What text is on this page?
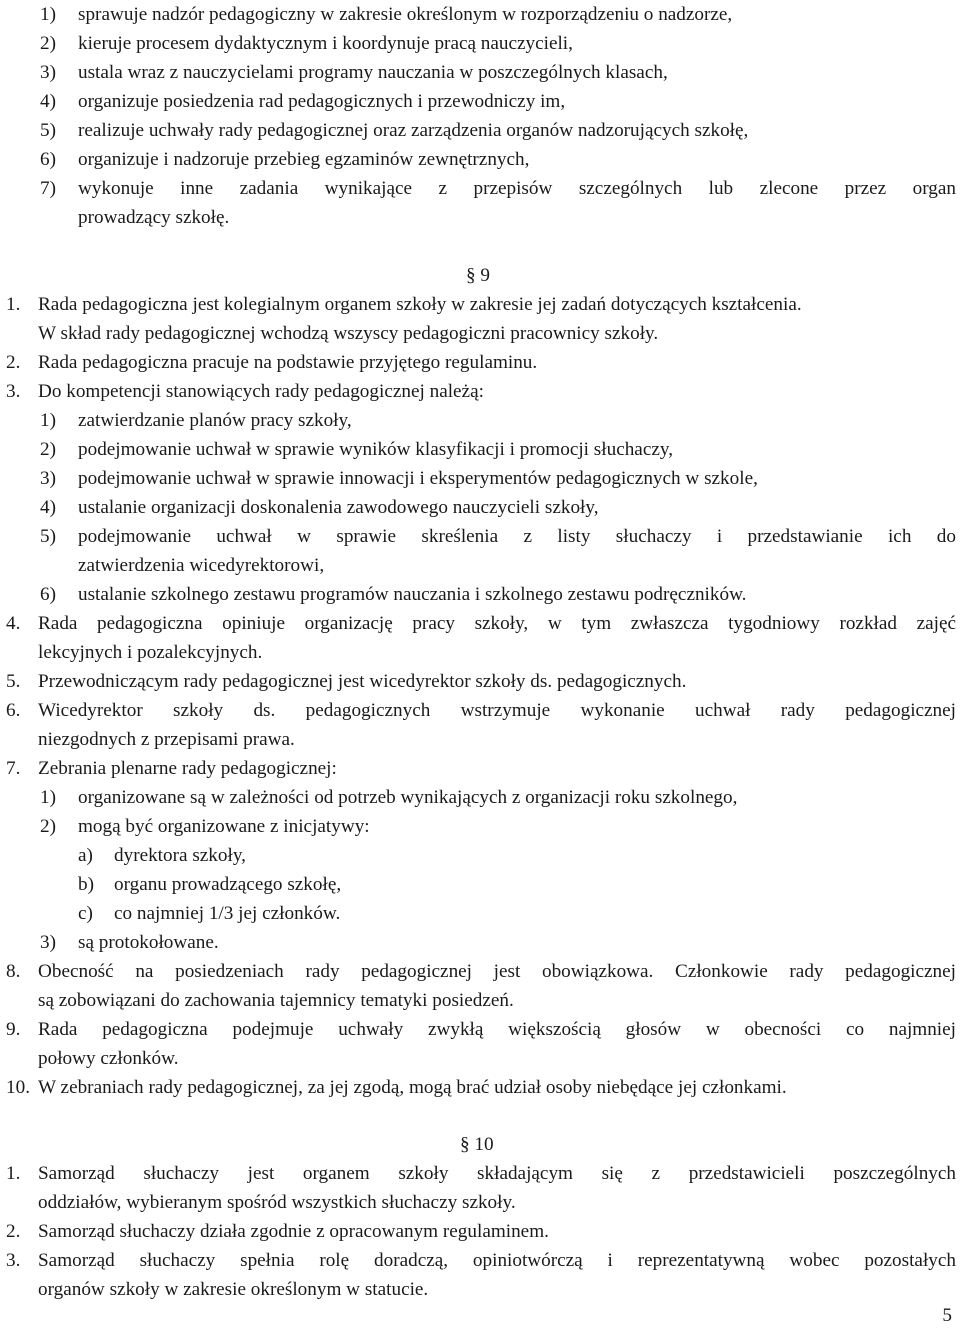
1) sprawuje nadzór pedagogiczny w zakresie określonym w rozporządzeniu o nadzorze,
2) kieruje procesem dydaktycznym i koordynuje pracą nauczycieli,
3) ustala wraz z nauczycielami programy nauczania w poszczególnych klasach,
4) organizuje posiedzenia rad pedagogicznych i przewodniczy im,
5) realizuje uchwały rady pedagogicznej oraz zarządzenia organów nadzorujących szkołę,
6) organizuje i nadzoruje przebieg egzaminów zewnętrznych,
7) wykonuje inne zadania wynikające z przepisów szczególnych lub zlecone przez organ
prowadzący szkołę.
§ 9
1. Rada pedagogiczna jest kolegialnym organem szkoły w zakresie jej zadań dotyczących kształcenia.
W skład rady pedagogicznej wchodzą wszyscy pedagogiczni pracownicy szkoły.
2. Rada pedagogiczna pracuje na podstawie przyjętego regulaminu.
3. Do kompetencji stanowiących rady pedagogicznej należą:
1) zatwierdzanie planów pracy szkoły,
2) podejmowanie uchwał w sprawie wyników klasyfikacji i promocji słuchaczy,
3) podejmowanie uchwał w sprawie innowacji i eksperymentów pedagogicznych w szkole,
4) ustalanie organizacji doskonalenia zawodowego nauczycieli szkoły,
5) podejmowanie uchwał w sprawie skreślenia z listy słuchaczy i przedstawianie ich do
zatwierdzenia wicedyrektorowi,
6) ustalanie szkolnego zestawu programów nauczania i szkolnego zestawu podręczników.
4. Rada pedagogiczna opiniuje organizację pracy szkoły, w tym zwłaszcza tygodniowy rozkład zajęć
lekcyjnych i pozalekcyjnych.
5. Przewodniczącym rady pedagogicznej jest wicedyrektor szkoły ds. pedagogicznych.
6. Wicedyrektor szkoły ds. pedagogicznych wstrzymuje wykonanie uchwał rady pedagogicznej
niezgodnych z przepisami prawa.
7. Zebrania plenarne rady pedagogicznej:
1) organizowane są w zależności od potrzeb wynikających z organizacji roku szkolnego,
2) mogą być organizowane z inicjatywy:
a) dyrektora szkoły,
b) organu prowadzącego szkołę,
c) co najmniej 1/3 jej członków.
3) są protokołowane.
8. Obecność na posiedzeniach rady pedagogicznej jest obowiązkowa. Członkowie rady pedagogicznej
są zobowiązani do zachowania tajemnicy tematyki posiedzeń.
9. Rada pedagogiczna podejmuje uchwały zwykłą większością głosów w obecności co najmniej
połowy członków.
10. W zebraniach rady pedagogicznej, za jej zgodą, mogą brać udział osoby niebędące jej członkami.
§ 10
1. Samorząd słuchaczy jest organem szkoły składającym się z przedstawicieli poszczególnych
oddziałów, wybieranym spośród wszystkich słuchaczy szkoły.
2. Samorząd słuchaczy działa zgodnie z opracowanym regulaminem.
3. Samorząd słuchaczy spełnia rolę doradczą, opiniotwórczą i reprezentatywną wobec pozostałych
organów szkoły w zakresie określonym w statucie.
5
